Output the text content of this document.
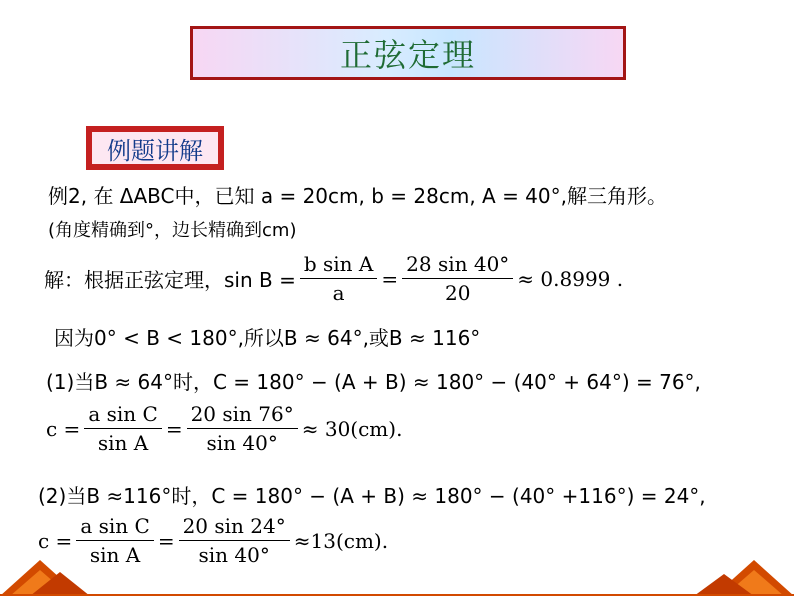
正弦定理
例题讲解
例2, 在 ΔABC中，已知 a = 20cm, b = 28cm, A = 40°,解三角形。
(角度精确到°，边长精确到cm)
解：根据正弦定理，$\sin B = \frac{\text{b sin A}}{a} = \frac{28 \sin 40^\circ}{20} \approx 0.8999$ .
因为0° < B < 180°,所以B ≈ 64°,或B ≈ 116°
(1)当B ≈ 64°时，C = 180° − (A + B) ≈ 180° − (40° + 64°) = 76°,
$c = \frac{\text{a sin C}}{\text{sin A}} = \frac{20 \sin 76^\circ}{\sin 40^\circ} \approx 30(cm)$.
(2)当B ≈116°时，C = 180° − (A + B) ≈ 180° − (40° +116°) = 24°,
$c = \frac{\text{a sin C}}{\text{sin A}} = \frac{20 \sin 24^\circ}{\sin 40^\circ} \approx 13(cm)$.
